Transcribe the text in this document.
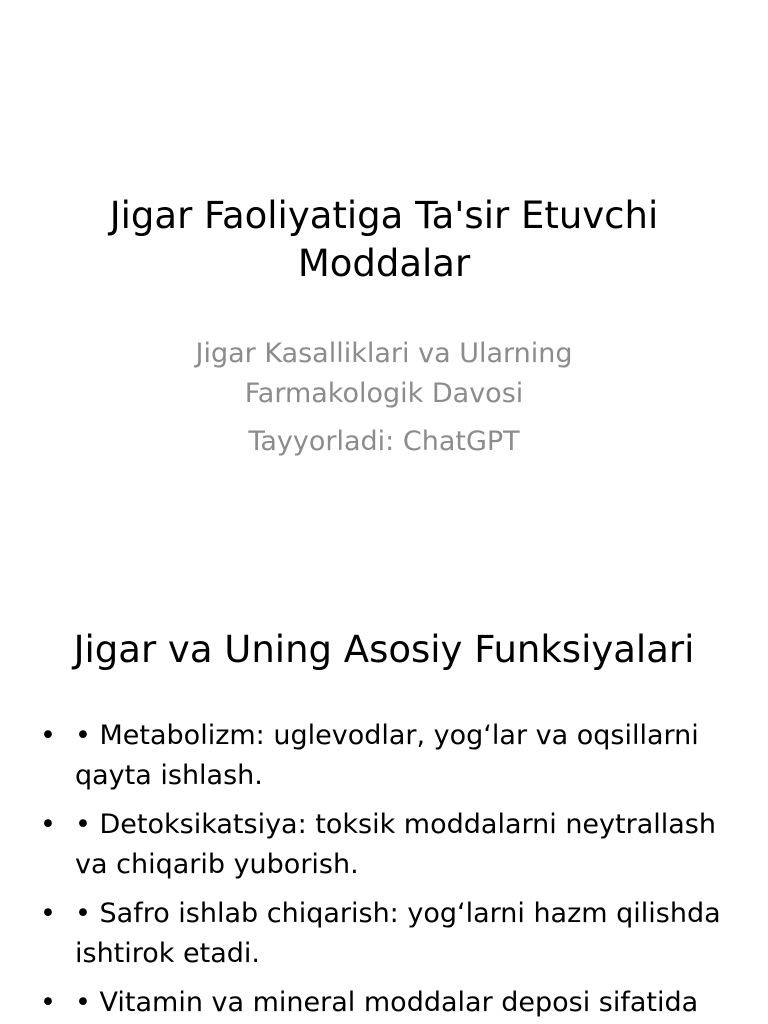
Jigar Faoliyatiga Ta'sir Etuvchi Moddalar

Jigar Kasalliklari va Ularning Farmakologik Davosi

Tayyorladi: ChatGPT

Jigar va Uning Asosiy Funksiyalari
• • Metabolizm: uglevodlar, yog‘lar va oqsillarni qayta ishlash.
• • Detoksikatsiya: toksik moddalarni neytrallash va chiqarib yuborish.
• • Safro ishlab chiqarish: yog‘larni hazm qilishda ishtirok etadi.
• • Vitamin va mineral moddalar deposi sifatida
